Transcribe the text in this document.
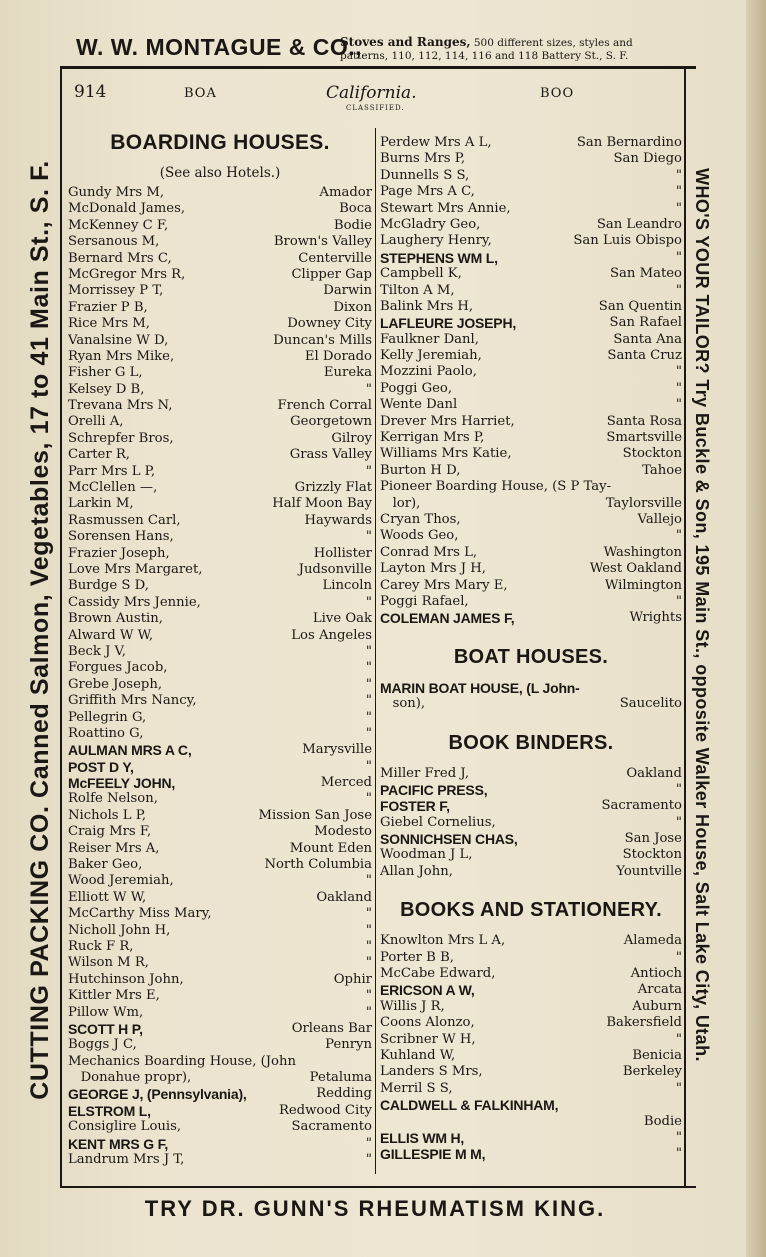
W. W. MONTAGUE & CO.,
Stoves and Ranges, 500 different sizes, styles and
patterns, 110, 112, 114, 116 and 118 Battery St., S. F.
CUTTING PACKING CO. Canned Salmon, Vegetables, 17 to 41 Main St., S. F.	WHO'S YOUR TAILOR? Try Buckle & Son, 195 Main St., opposite Walker House, Salt Lake City, Utah.
914	BOA	California.
CLASSIFIED.
BOO
BOARDING HOUSES.
(See also Hotels.)
Gundy Mrs M,	Amador
McDonald James,	Boca
McKenney C F,	Bodie
Sersanous M,	Brown's Valley
Bernard Mrs C,	Centerville
McGregor Mrs R,	Clipper Gap
Morrissey P T,	Darwin
Frazier P B,	Dixon
Rice Mrs M,	Downey City
Vanalsine W D,	Duncan's Mills
Ryan Mrs Mike,	El Dorado
Fisher G L,	Eureka
Kelsey D B,	"
Trevana Mrs N,	French Corral
Orelli A,	Georgetown
Schrepfer Bros,	Gilroy
Carter R,	Grass Valley
Parr Mrs L P,	"
McClellen —,	Grizzly Flat
Larkin M,	Half Moon Bay
Rasmussen Carl,	Haywards
Sorensen Hans,	"
Frazier Joseph,	Hollister
Love Mrs Margaret,	Judsonville
Burdge S D,	Lincoln
Cassidy Mrs Jennie,	"
Brown Austin,	Live Oak
Alward W W,	Los Angeles
Beck J V,	"
Forgues Jacob,	"
Grebe Joseph,	"
Griffith Mrs Nancy,	"
Pellegrin G,	"
Roattino G,	"
AULMAN MRS A C,	Marysville
POST D Y,	"
McFEELY JOHN,	Merced
Rolfe Nelson,	"
Nichols L P,	Mission San Jose
Craig Mrs F,	Modesto
Reiser Mrs A,	Mount Eden
Baker Geo,	North Columbia
Wood Jeremiah,	"
Elliott W W,	Oakland
McCarthy Miss Mary,	"
Nicholl John H,	"
Ruck F R,	"
Wilson M R,	"
Hutchinson John,	Ophir
Kittler Mrs E,	"
Pillow Wm,	"
SCOTT H P,	Orleans Bar
Boggs J C,	Penryn
Mechanics Boarding House, (John
Donahue propr),	Petaluma
GEORGE J, (Pennsylvania),	Redding
ELSTROM L,	Redwood City
Consiglire Louis,	Sacramento
KENT MRS G F,	"
Landrum Mrs J T,	"
Perdew Mrs A L,	San Bernardino
Burns Mrs P,	San Diego
Dunnells S S,	"
Page Mrs A C,	"
Stewart Mrs Annie,	"
McGladry Geo,	San Leandro
Laughery Henry,	San Luis Obispo
STEPHENS WM L,	"
Campbell K,	San Mateo
Tilton A M,	"
Balink Mrs H,	San Quentin
LAFLEURE JOSEPH,	San Rafael
Faulkner Danl,	Santa Ana
Kelly Jeremiah,	Santa Cruz
Mozzini Paolo,	"
Poggi Geo,	"
Wente Danl	"
Drever Mrs Harriet,	Santa Rosa
Kerrigan Mrs P,	Smartsville
Williams Mrs Katie,	Stockton
Burton H D,	Tahoe
Pioneer Boarding House, (S P Tay-
lor),	Taylorsville
Cryan Thos,	Vallejo
Woods Geo,	"
Conrad Mrs L,	Washington
Layton Mrs J H,	West Oakland
Carey Mrs Mary E,	Wilmington
Poggi Rafael,	"
COLEMAN JAMES F,	Wrights
BOAT HOUSES.
MARIN BOAT HOUSE, (L John-
son),	Saucelito
BOOK BINDERS.
Miller Fred J,	Oakland
PACIFIC PRESS,	"
FOSTER F,	Sacramento
Giebel Cornelius,	"
SONNICHSEN CHAS,	San Jose
Woodman J L,	Stockton
Allan John,	Yountville
BOOKS AND STATIONERY.
Knowlton Mrs L A,	Alameda
Porter B B,	"
McCabe Edward,	Antioch
ERICSON A W,	Arcata
Willis J R,	Auburn
Coons Alonzo,	Bakersfield
Scribner W H,	"
Kuhland W,	Benicia
Landers S Mrs,	Berkeley
Merril S S,	"
CALDWELL & FALKINHAM,
Bodie
ELLIS WM H,	"
GILLESPIE M M,	"
TRY DR. GUNN'S RHEUMATISM KING.
